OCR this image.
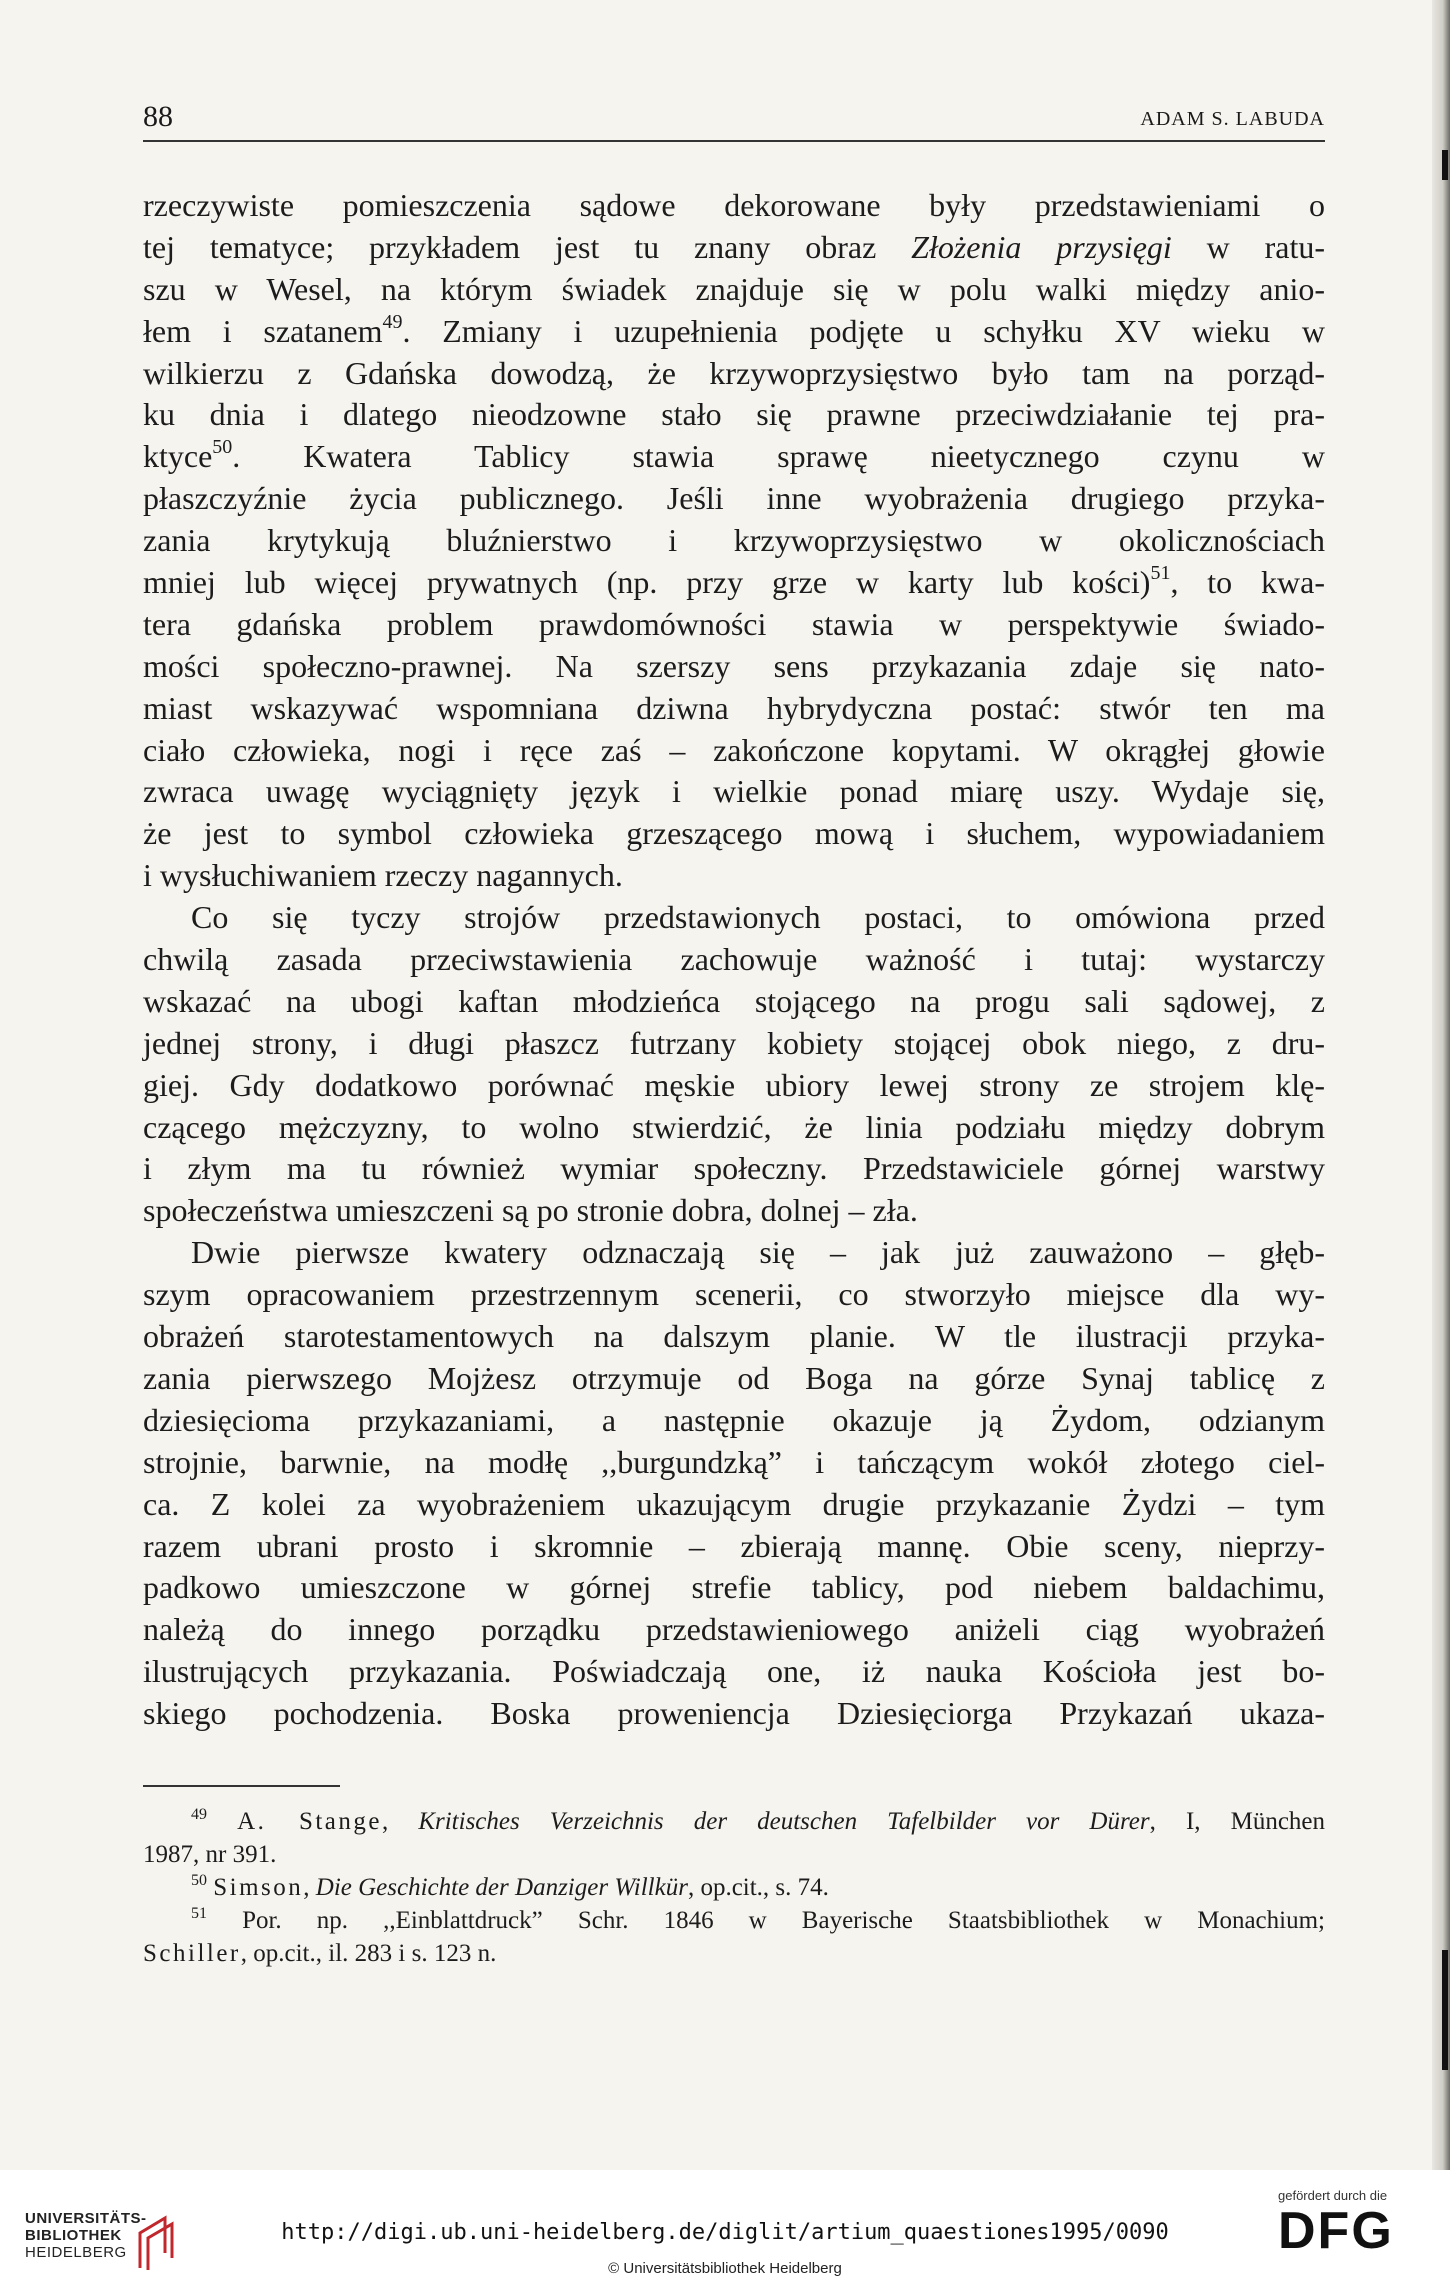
88	ADAM S. LABUDA
rzeczywiste pomieszczenia sądowe dekorowane były przedstawieniami o
tej tematyce; przykładem jest tu znany obraz Złożenia przysięgi w ratu-
szu w Wesel, na którym świadek znajduje się w polu walki między anio-
łem i szatanem$^{49}$. Zmiany i uzupełnienia podjęte u schyłku XV wieku w
wilkierzu z Gdańska dowodzą, że krzywoprzysięstwo było tam na porząd-
ku dnia i dlatego nieodzowne stało się prawne przeciwdziałanie tej pra-
ktyce$^{50}$. Kwatera Tablicy stawia sprawę nieetycznego czynu w
płaszczyźnie życia publicznego. Jeśli inne wyobrażenia drugiego przyka-
zania krytykują bluźnierstwo i krzywoprzysięstwo w okolicznościach
mniej lub więcej prywatnych (np. przy grze w karty lub kości)$^{51}$, to kwa-
tera gdańska problem prawdomówności stawia w perspektywie świado-
mości społeczno-prawnej. Na szerszy sens przykazania zdaje się nato-
miast wskazywać wspomniana dziwna hybrydyczna postać: stwór ten ma
ciało człowieka, nogi i ręce zaś – zakończone kopytami. W okrągłej głowie
zwraca uwagę wyciągnięty język i wielkie ponad miarę uszy. Wydaje się,
że jest to symbol człowieka grzeszącego mową i słuchem, wypowiadaniem
i wysłuchiwaniem rzeczy nagannych.
Co się tyczy strojów przedstawionych postaci, to omówiona przed
chwilą zasada przeciwstawienia zachowuje ważność i tutaj: wystarczy
wskazać na ubogi kaftan młodzieńca stojącego na progu sali sądowej, z
jednej strony, i długi płaszcz futrzany kobiety stojącej obok niego, z dru-
giej. Gdy dodatkowo porównać męskie ubiory lewej strony ze strojem klę-
czącego mężczyzny, to wolno stwierdzić, że linia podziału między dobrym
i złym ma tu również wymiar społeczny. Przedstawiciele górnej warstwy
społeczeństwa umieszczeni są po stronie dobra, dolnej – zła.
Dwie pierwsze kwatery odznaczają się – jak już zauważono – głęb-
szym opracowaniem przestrzennym scenerii, co stworzyło miejsce dla wy-
obrażeń starotestamentowych na dalszym planie. W tle ilustracji przyka-
zania pierwszego Mojżesz otrzymuje od Boga na górze Synaj tablicę z
dziesięcioma przykazaniami, a następnie okazuje ją Żydom, odzianym
strojnie, barwnie, na modłę ,,burgundzką” i tańczącym wokół złotego ciel-
ca. Z kolei za wyobrażeniem ukazującym drugie przykazanie Żydzi – tym
razem ubrani prosto i skromnie – zbierają mannę. Obie sceny, nieprzy-
padkowo umieszczone w górnej strefie tablicy, pod niebem baldachimu,
należą do innego porządku przedstawieniowego aniżeli ciąg wyobrażeń
ilustrujących przykazania. Poświadczają one, iż nauka Kościoła jest bo-
skiego pochodzenia. Boska proweniencja Dziesięciorga Przykazań ukaza-
$^{49}$ A. Stange, Kritisches Verzeichnis der deutschen Tafelbilder vor Dürer, I, München
1987, nr 391.
$^{50}$ Simson, Die Geschichte der Danziger Willkür, op.cit., s. 74.
$^{51}$ Por. np. ,,Einblattdruck” Schr. 1846 w Bayerische Staatsbibliothek w Monachium;
Schiller, op.cit., il. 283 i s. 123 n.
UNIVERSITÄTS-
BIBLIOTHEK
HEIDELBERG
http://digi.ub.uni-heidelberg.de/diglit/artium_quaestiones1995/0090
© Universitätsbibliothek Heidelberg
gefördert durch die
DFG
